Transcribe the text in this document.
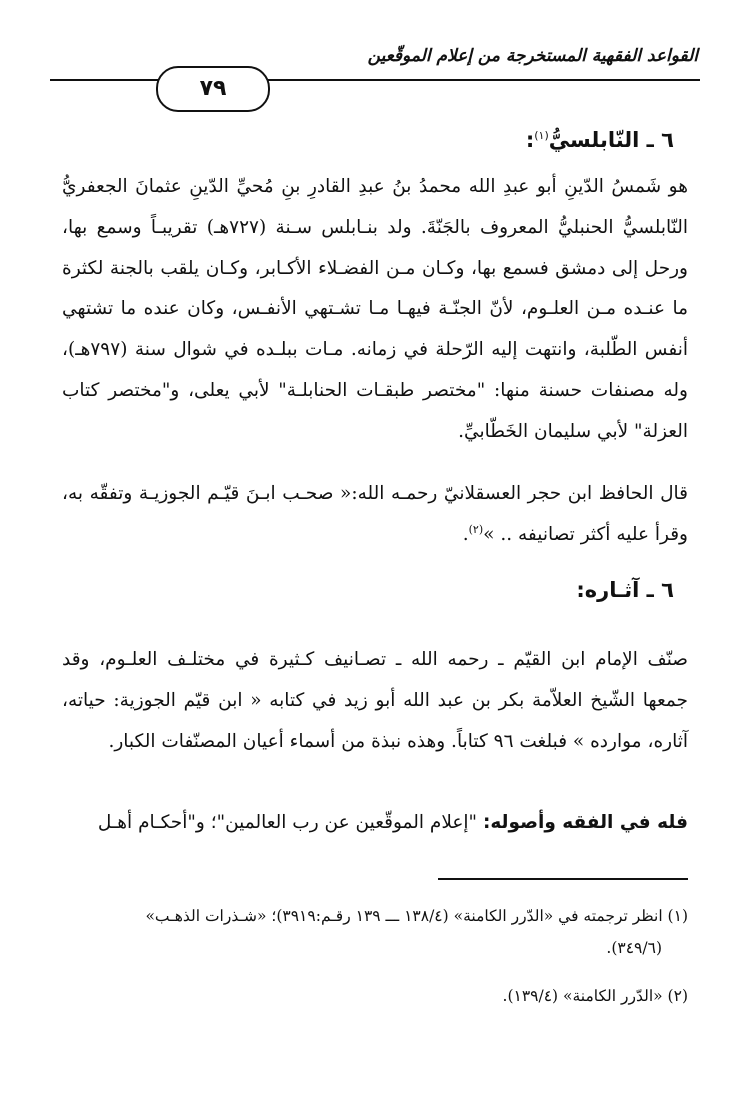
القواعد الفقهية المستخرجة من إعلام الموقّعين
٧٩
٦ ـ النّابلسيُّ$^{(١)}$:
هو شَمسُ الدّينِ أبو عبدِ الله محمدُ بنُ عبدِ القادرِ بنِ مُحيِّ الدّينِ عثمانَ الجعفريُّ النّابلسيُّ الحنبليُّ المعروف بالجَنّةَ. ولد بنـابلس سـنة (٧٢٧هـ) تقريبـاً وسمع بها، ورحل إلى دمشق فسمع بها، وكـان مـن الفضـلاء الأكـابر، وكـان يلقب بالجنة لكثرة ما عنـده مـن العلـوم، لأنّ الجنّـة فيهـا مـا تشـتهي الأنفـس، وكان عنده ما تشتهي أنفس الطّلبة، وانتهت إليه الرّحلة في زمانه. مـات ببلـده في شوال سنة (٧٩٧هـ)، وله مصنفات حسنة منها: "مختصر طبقـات الحنابلـة" لأبي يعلى، و"مختصر كتاب العزلة" لأبي سليمان الخَطّابيِّ.
قال الحافظ ابن حجر العسقلانيّ رحمـه الله:« صحـب ابـنَ قيّـم الجوزيـة وتفقّه به، وقرأ عليه أكثر تصانيفه .. »$^{(٢)}$.
٦ ـ آثـاره:
صنّف الإمام ابن القيّم ـ رحمه الله ـ تصـانيف كـثيرة في مختلـف العلـوم، وقد جمعها الشّيخ العلاّمة بكر بن عبد الله أبو زيد في كتابه « ابن قيّم الجوزية: حياته، آثاره، موارده » فبلغت ٩٦ كتاباً. وهذه نبذة من أسماء أعيان المصنّفات الكبار.
فله في الفقه وأصوله: "إعلام الموقّعين عن رب العالمين"؛ و"أحكـام أهـل
(١) انظر ترجمته في «الدّرر الكامنة» (١٣٨/٤ ـــ ١٣٩ رقـم:٣٩١٩)؛ «شـذرات الذهـب»
(٣٤٩/٦).
(٢) «الدّرر الكامنة» (١٣٩/٤).
